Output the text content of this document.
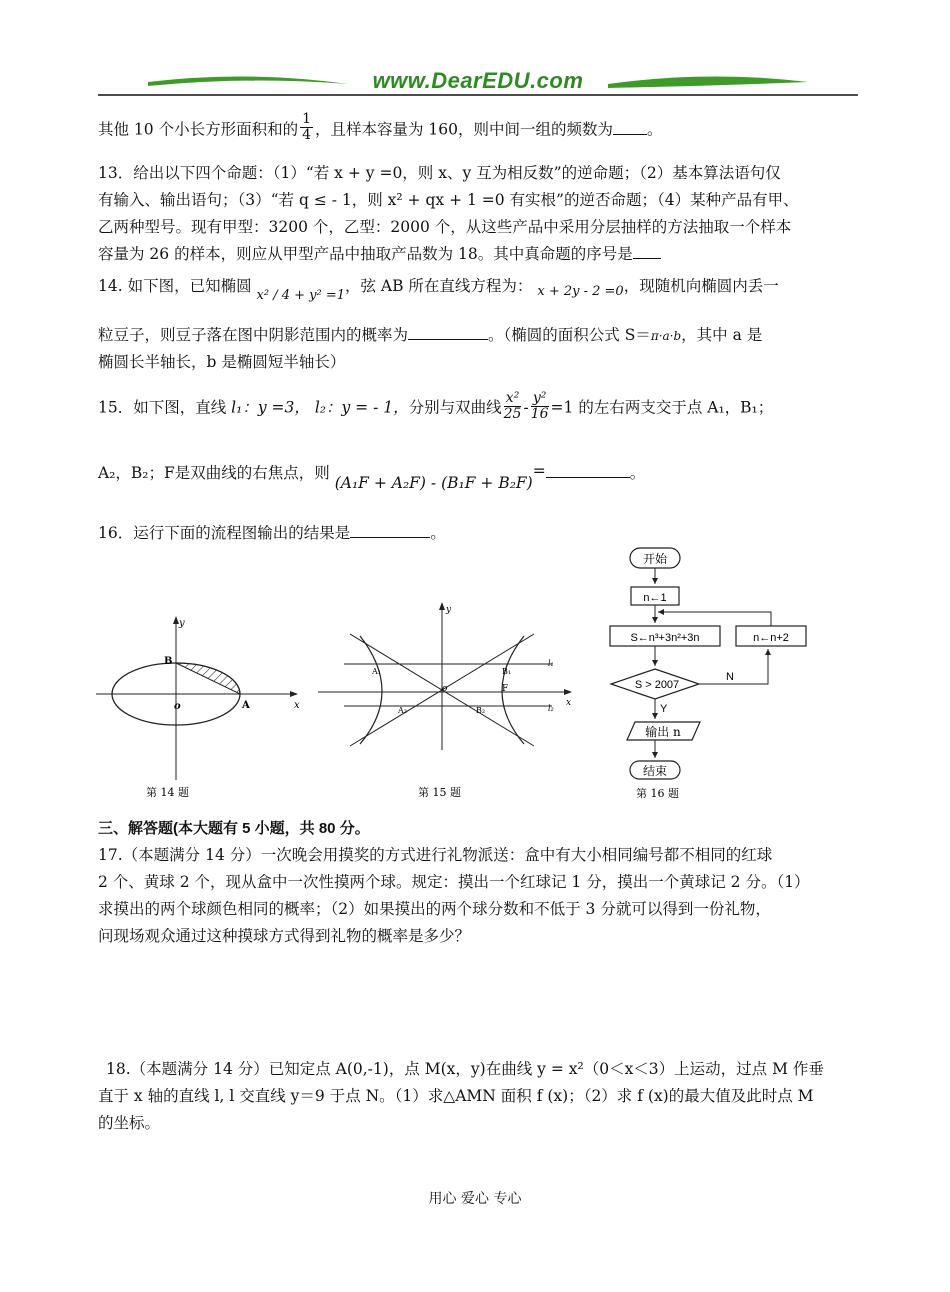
www.DearEDU.com
其他 10 个小长方形面积和的 $\frac{1}{4}$ ，且样本容量为 160，则中间一组的频数为 。
13．给出以下四个命题：（1）“若 x + y =0，则 x、y 互为相反数”的逆命题；（2）基本算法语句仅
有输入、输出语句；（3）“若 q ≤ - 1，则 x² + qx + 1 =0 有实根”的逆否命题；（4）某种产品有甲、
乙两种型号。现有甲型：3200 个，乙型：2000 个，从这些产品中采用分层抽样的方法抽取一个样本
容量为 26 的样本，则应从甲型产品中抽取产品数为 18。其中真命题的序号是
14. 如下图，已知椭圆 $_{x^2 / 4 + y^2 =1}$，弦 AB 所在直线方程为： $_{x + 2y - 2 =0}$，现随机向椭圆内丢一
粒豆子，则豆子落在图中阴影范围内的概率为	。（椭圆的面积公式 S＝π·a·b，其中 a 是
椭圆长半轴长，b 是椭圆短半轴长）
15．如下图，直线 l₁：y =3， l₂：y = - 1，分别与双曲线 $\frac{\text{x²}}{25} - \frac{\text{y²}}{16} =1$ 的左右两支交于点 A₁，B₁；
A₂，B₂；F是双曲线的右焦点，则 (A₁F + A₂F) - (B₁F + B₂F)=	。
16．运行下面的流程图输出的结果是	。
y
x
B
A
o
第 14 题
y
x
o
A₁	B₁
A₂	B₂
F
l₁
l₂
第 15 题
开始
n←1
S←n³+3n²+3n	n←n+2
S > 2007
N
Y
输出 n
结束
第 16 题
三、解答题(本大题有 5 小题，共 80 分。
17.（本题满分 14 分）一次晚会用摸奖的方式进行礼物派送：盒中有大小相同编号都不相同的红球
2 个、黄球 2 个，现从盒中一次性摸两个球。规定：摸出一个红球记 1 分，摸出一个黄球记 2 分。（1）
求摸出的两个球颜色相同的概率；（2）如果摸出的两个球分数和不低于 3 分就可以得到一份礼物，
问现场观众通过这种摸球方式得到礼物的概率是多少？
18.（本题满分 14 分）已知定点 A(0,-1)，点 M(x，y)在曲线 y = x²（0＜x＜3）上运动，过点 M 作垂
直于 x 轴的直线 l, l 交直线 y＝9 于点 N。（1）求△AMN 面积 f (x)；（2）求 f (x)的最大值及此时点 M
的坐标。
用心 爱心 专心
